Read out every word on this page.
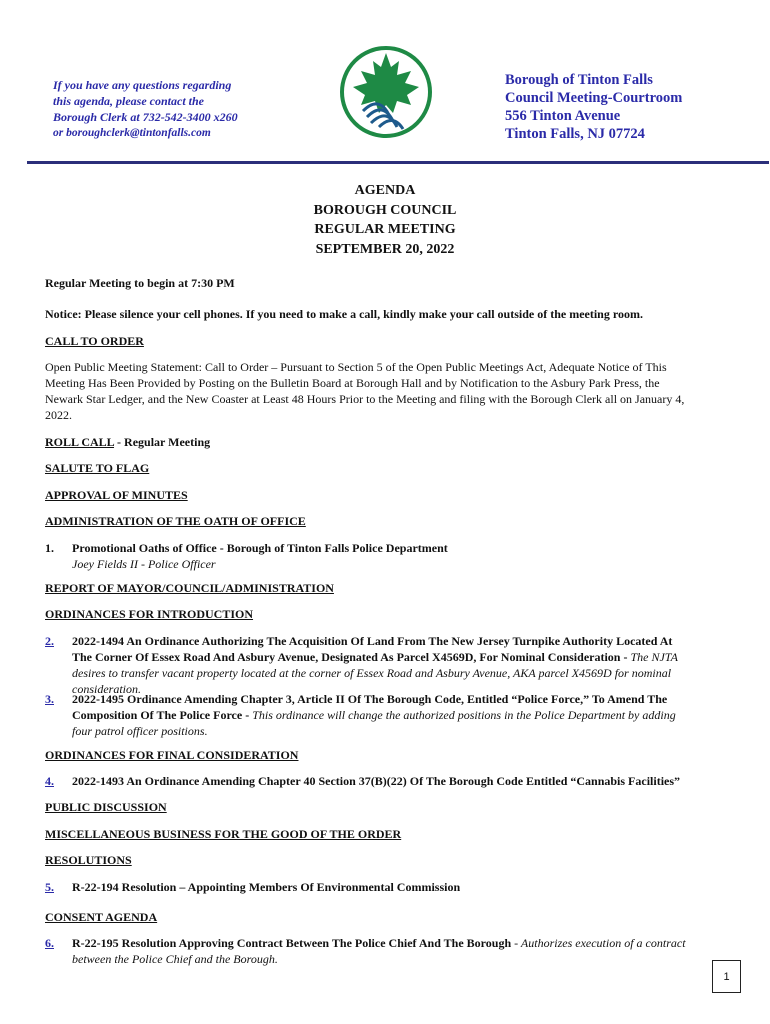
If you have any questions regarding
this agenda, please contact the
Borough Clerk at 732-542-3400 x260
or boroughclerk@tintonfalls.com
Borough of Tinton Falls
Council Meeting-Courtroom
556 Tinton Avenue
Tinton Falls, NJ 07724
AGENDA
BOROUGH COUNCIL
REGULAR MEETING
SEPTEMBER 20, 2022
Regular Meeting to begin at 7:30 PM
Notice: Please silence your cell phones. If you need to make a call, kindly make your call outside of the meeting room.
CALL TO ORDER
Open Public Meeting Statement: Call to Order – Pursuant to Section 5 of the Open Public Meetings Act, Adequate Notice of This
Meeting Has Been Provided by Posting on the Bulletin Board at Borough Hall and by Notification to the Asbury Park Press, the
Newark Star Ledger, and the New Coaster at Least 48 Hours Prior to the Meeting and filing with the Borough Clerk all on January 4,
2022.
ROLL CALL - Regular Meeting
SALUTE TO FLAG
APPROVAL OF MINUTES
ADMINISTRATION OF THE OATH OF OFFICE
1. Promotional Oaths of Office - Borough of Tinton Falls Police Department
Joey Fields II - Police Officer
REPORT OF MAYOR/COUNCIL/ADMINISTRATION
ORDINANCES FOR INTRODUCTION
2. 2022-1494 An Ordinance Authorizing The Acquisition Of Land From The New Jersey Turnpike Authority Located At
The Corner Of Essex Road And Asbury Avenue, Designated As Parcel X4569D, For Nominal Consideration - The NJTA
desires to transfer vacant property located at the corner of Essex Road and Asbury Avenue, AKA parcel X4569D for nominal
consideration.
3. 2022-1495 Ordinance Amending Chapter 3, Article II Of The Borough Code, Entitled “Police Force,” To Amend The
Composition Of The Police Force - This ordinance will change the authorized positions in the Police Department by adding
four patrol officer positions.
ORDINANCES FOR FINAL CONSIDERATION
4. 2022-1493 An Ordinance Amending Chapter 40 Section 37(B)(22) Of The Borough Code Entitled “Cannabis Facilities”
PUBLIC DISCUSSION
MISCELLANEOUS BUSINESS FOR THE GOOD OF THE ORDER
RESOLUTIONS
5. R-22-194 Resolution – Appointing Members Of Environmental Commission
CONSENT AGENDA
6. R-22-195 Resolution Approving Contract Between The Police Chief And The Borough - Authorizes execution of a contract
between the Police Chief and the Borough.
1
